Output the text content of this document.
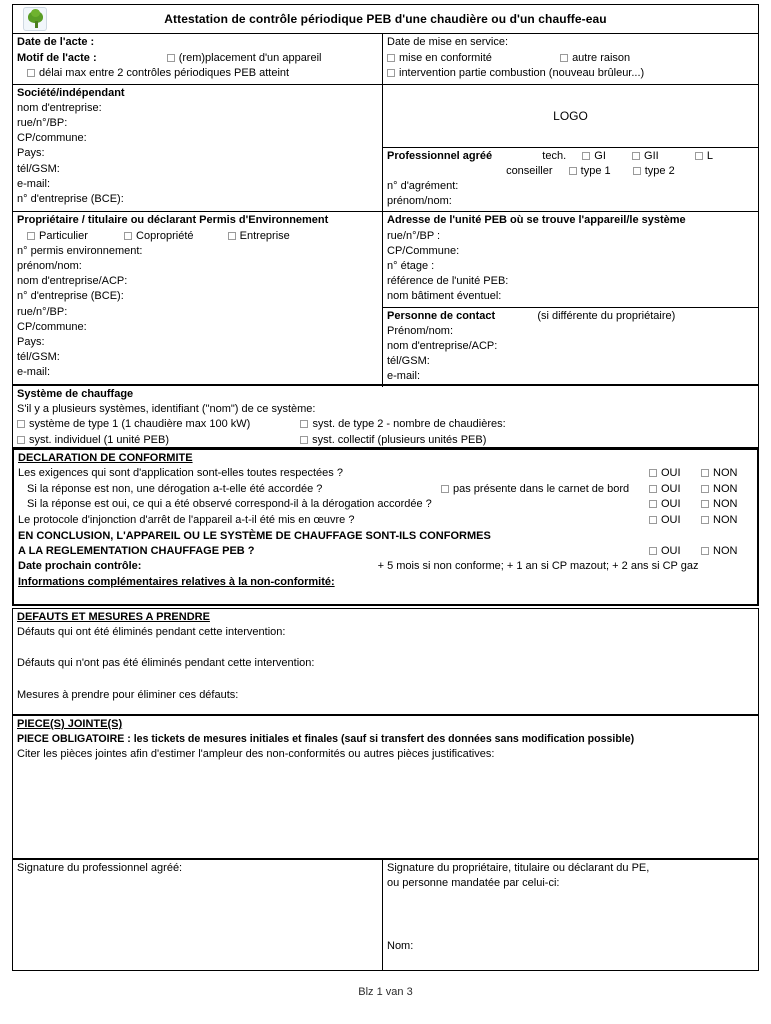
Attestation de contrôle périodique PEB d'une chaudière ou d'un chauffe-eau
Date de l'acte :
Motif de l'acte :	(rem)placement d'un appareil
délai max entre 2 contrôles périodiques PEB atteint
Date de mise en service:
mise en conformité	autre raison
intervention partie combustion (nouveau brûleur...)
Société/indépendant
nom d'entreprise:
rue/n°/BP:
CP/commune:
Pays:
tél/GSM:
e-mail:
n° d'entreprise (BCE):
LOGO
Professionnel agréé	tech.	GI	GII	L
conseiller	type 1	type 2
n° d'agrément:
prénom/nom:
Propriétaire / titulaire ou déclarant Permis d'Environnement
Particulier	Copropriété	Entreprise
n° permis environnement:
prénom/nom:
nom d'entreprise/ACP:
n° d'entreprise (BCE):
rue/n°/BP:
CP/commune:
Pays:
tél/GSM:
e-mail:
Adresse de l'unité PEB où se trouve l'appareil/le système
rue/n°/BP :
CP/Commune:
n° étage :
référence de l'unité PEB:
nom bâtiment éventuel:
Personne de contact	(si différente du propriétaire)
Prénom/nom:
nom d'entreprise/ACP:
tél/GSM:
e-mail:
Système de chauffage
S'il y a plusieurs systèmes, identifiant ("nom") de ce système:
système de type 1 (1 chaudière max 100 kW)	syst. de type 2 - nombre de chaudières:
syst. individuel (1 unité PEB)	syst. collectif (plusieurs unités PEB)
DECLARATION DE CONFORMITE
Les exigences qui sont d'application sont-elles toutes respectées ?	OUI	NON
Si la réponse est non, une dérogation a-t-elle été accordée ?	pas présente dans le carnet de bord	OUI	NON
Si la réponse est oui, ce qui a été observé correspond-il à la dérogation accordée ?	OUI	NON
Le protocole d'injonction d'arrêt de l'appareil a-t-il été mis en œuvre ?	OUI	NON
EN CONCLUSION, L'APPAREIL OU LE SYSTÈME DE CHAUFFAGE SONT-ILS CONFORMES
A LA REGLEMENTATION CHAUFFAGE PEB ?	OUI	NON
Date prochain contrôle:	+ 5 mois si non conforme; + 1 an si CP mazout; + 2 ans si CP gaz
Informations complémentaires relatives à la non-conformité:
DEFAUTS ET MESURES A PRENDRE
Défauts qui ont été éliminés pendant cette intervention:
Défauts qui n'ont pas été éliminés pendant cette intervention:
Mesures à prendre pour éliminer ces défauts:
PIECE(S) JOINTE(S)
PIECE OBLIGATOIRE : les tickets de mesures initiales et finales (sauf si transfert des données sans modification possible)
Citer les pièces jointes afin d'estimer l'ampleur des non-conformités ou autres pièces justificatives:
Signature du professionnel agréé:	Signature du propriétaire, titulaire ou déclarant du PE,
ou personne mandatée par celui-ci:
Nom:
Blz 1 van 3
